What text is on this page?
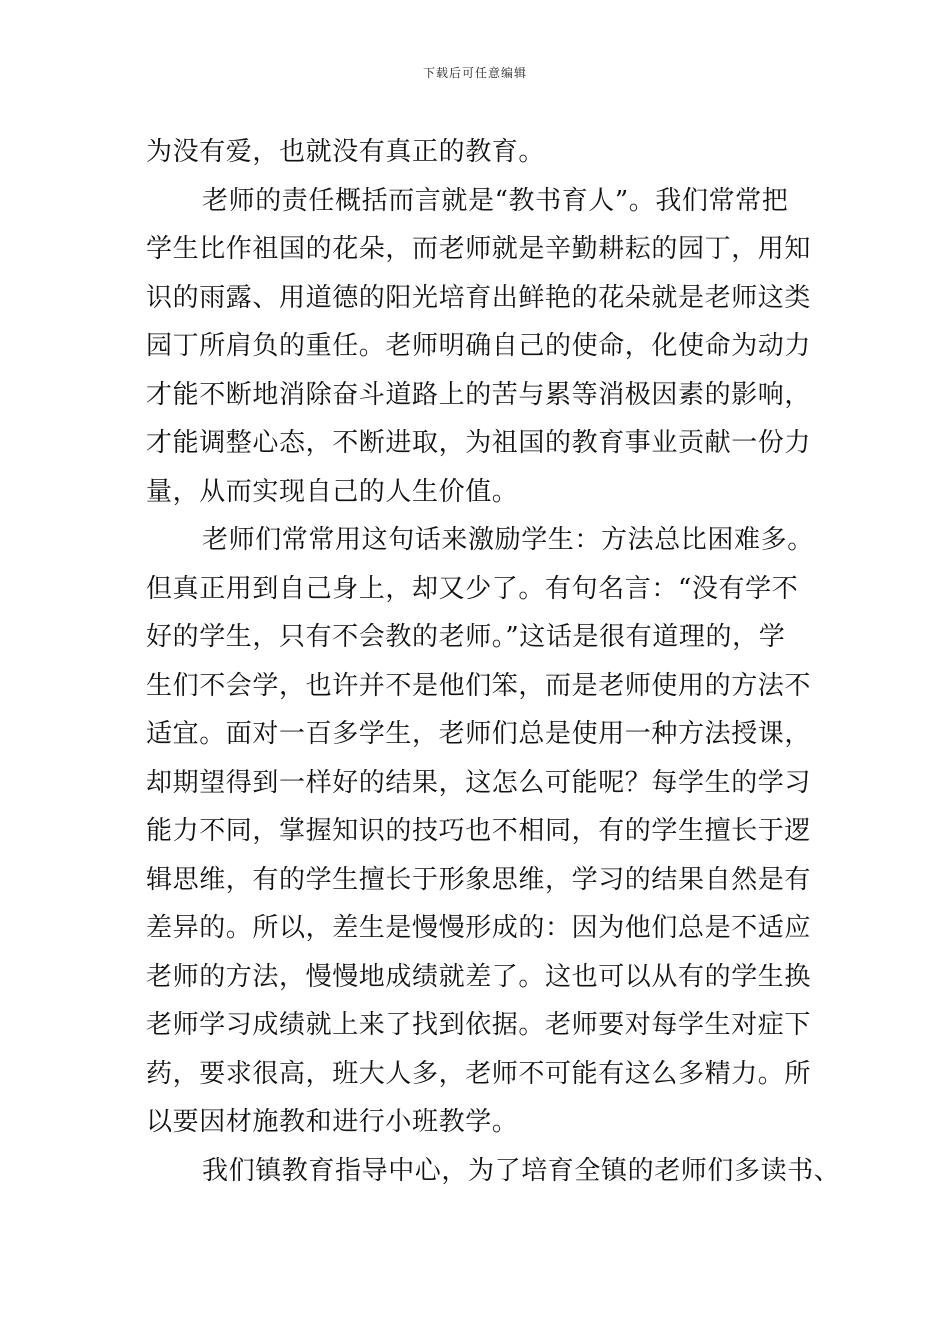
下载后可任意编辑
为没有爱，也就没有真正的教育。
老师的责任概括而言就是“教书育人”。我们常常把
学生比作祖国的花朵，而老师就是辛勤耕耘的园丁，用知
识的雨露、用道德的阳光培育出鲜艳的花朵就是老师这类
园丁所肩负的重任。老师明确自己的使命，化使命为动力
才能不断地消除奋斗道路上的苦与累等消极因素的影响，
才能调整心态，不断进取，为祖国的教育事业贡献一份力
量，从而实现自己的人生价值。
老师们常常用这句话来激励学生：方法总比困难多。
但真正用到自己身上，却又少了。有句名言：“没有学不
好的学生，只有不会教的老师。”这话是很有道理的，学
生们不会学，也许并不是他们笨，而是老师使用的方法不
适宜。面对一百多学生，老师们总是使用一种方法授课，
却期望得到一样好的结果，这怎么可能呢？每学生的学习
能力不同，掌握知识的技巧也不相同，有的学生擅长于逻
辑思维，有的学生擅长于形象思维，学习的结果自然是有
差异的。所以，差生是慢慢形成的：因为他们总是不适应
老师的方法，慢慢地成绩就差了。这也可以从有的学生换
老师学习成绩就上来了找到依据。老师要对每学生对症下
药，要求很高，班大人多，老师不可能有这么多精力。所
以要因材施教和进行小班教学。
我们镇教育指导中心，为了培育全镇的老师们多读书、
